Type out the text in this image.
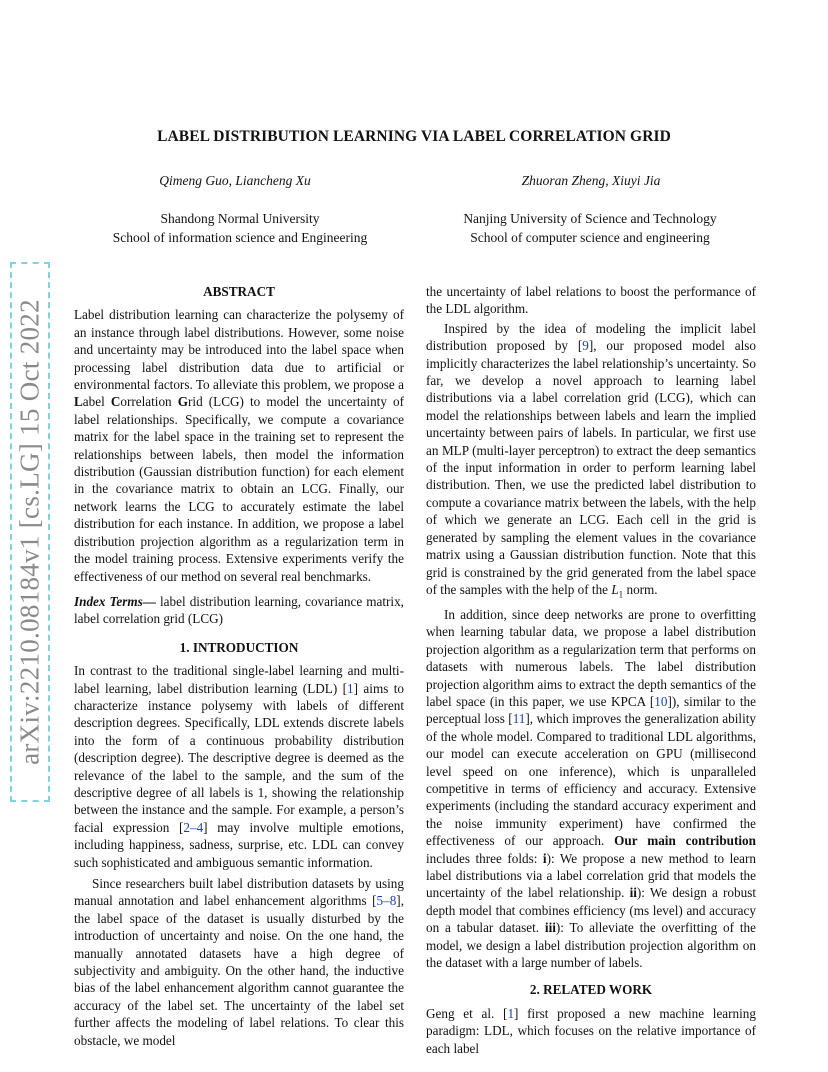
arXiv:2210.08184v1 [cs.LG] 15 Oct 2022
LABEL DISTRIBUTION LEARNING VIA LABEL CORRELATION GRID
Qimeng Guo, Liancheng Xu	Zhuoran Zheng, Xiuyi Jia
Shandong Normal University
School of information science and Engineering
Nanjing University of Science and Technology
School of computer science and engineering
ABSTRACT

Label distribution learning can characterize the polysemy of an instance through label distributions. However, some noise and uncertainty may be introduced into the label space when processing label distribution data due to artificial or environmental factors. To alleviate this problem, we propose a Label Correlation Grid (LCG) to model the uncertainty of label relationships. Specifically, we compute a covariance matrix for the label space in the training set to represent the relationships between labels, then model the information distribution (Gaussian distribution function) for each element in the covariance matrix to obtain an LCG. Finally, our network learns the LCG to accurately estimate the label distribution for each instance. In addition, we propose a label distribution projection algorithm as a regularization term in the model training process. Extensive experiments verify the effectiveness of our method on several real benchmarks.

Index Terms— label distribution learning, covariance matrix, label correlation grid (LCG)

1. INTRODUCTION

In contrast to the traditional single-label learning and multi-label learning, label distribution learning (LDL) [1] aims to characterize instance polysemy with labels of different description degrees. Specifically, LDL extends discrete labels into the form of a continuous probability distribution (description degree). The descriptive degree is deemed as the relevance of the label to the sample, and the sum of the descriptive degree of all labels is 1, showing the relationship between the instance and the sample. For example, a person’s facial expression [2–4] may involve multiple emotions, including happiness, sadness, surprise, etc. LDL can convey such sophisticated and ambiguous semantic information.

Since researchers built label distribution datasets by using manual annotation and label enhancement algorithms [5–8], the label space of the dataset is usually disturbed by the introduction of uncertainty and noise. On the one hand, the manually annotated datasets have a high degree of subjectivity and ambiguity. On the other hand, the inductive bias of the label enhancement algorithm cannot guarantee the accuracy of the label set. The uncertainty of the label set further affects the modeling of label relations. To clear this obstacle, we model

the uncertainty of label relations to boost the performance of the LDL algorithm.

Inspired by the idea of modeling the implicit label distribution proposed by [9], our proposed model also implicitly characterizes the label relationship’s uncertainty. So far, we develop a novel approach to learning label distributions via a label correlation grid (LCG), which can model the relationships between labels and learn the implied uncertainty between pairs of labels. In particular, we first use an MLP (multi-layer perceptron) to extract the deep semantics of the input information in order to perform learning label distribution. Then, we use the predicted label distribution to compute a covariance matrix between the labels, with the help of which we generate an LCG. Each cell in the grid is generated by sampling the element values in the covariance matrix using a Gaussian distribution function. Note that this grid is constrained by the grid generated from the label space of the samples with the help of the $L_1$ norm.

In addition, since deep networks are prone to overfitting when learning tabular data, we propose a label distribution projection algorithm as a regularization term that performs on datasets with numerous labels. The label distribution projection algorithm aims to extract the depth semantics of the label space (in this paper, we use KPCA [10]), similar to the perceptual loss [11], which improves the generalization ability of the whole model. Compared to traditional LDL algorithms, our model can execute acceleration on GPU (millisecond level speed on one inference), which is unparalleled competitive in terms of efficiency and accuracy. Extensive experiments (including the standard accuracy experiment and the noise immunity experiment) have confirmed the effectiveness of our approach. Our main contribution includes three folds: i): We propose a new method to learn label distributions via a label correlation grid that models the uncertainty of the label relationship. ii): We design a robust depth model that combines efficiency (ms level) and accuracy on a tabular dataset. iii): To alleviate the overfitting of the model, we design a label distribution projection algorithm on the dataset with a large number of labels.

2. RELATED WORK

Geng et al. [1] first proposed a new machine learning paradigm: LDL, which focuses on the relative importance of each label
